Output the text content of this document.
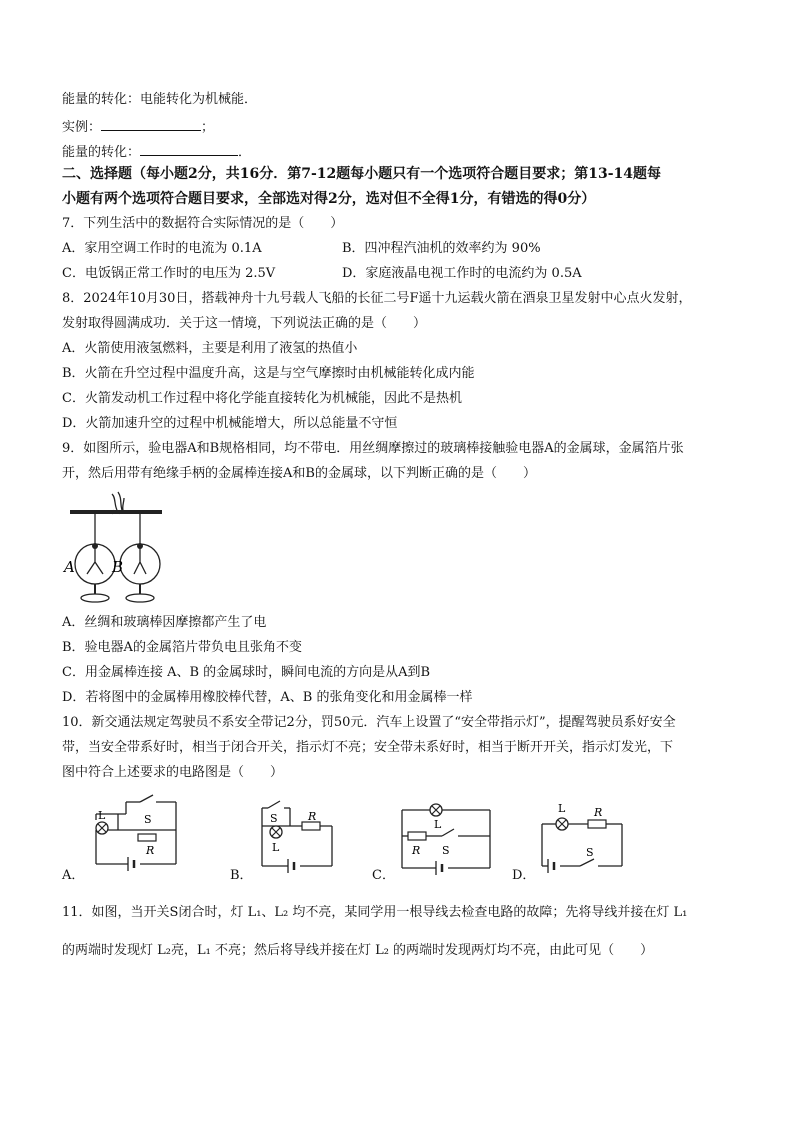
能量的转化：电能转化为机械能．
实例：	；
能量的转化：	．
二、选择题（每小题2分，共16分．第7-12题每小题只有一个选项符合题目要求；第13-14题每
小题有两个选项符合题目要求，全部选对得2分，选对但不全得1分，有错选的得0分）
7．下列生活中的数据符合实际情况的是（　　）
A．家用空调工作时的电流为 0.1A	B．四冲程汽油机的效率约为 90%
C．电饭锅正常工作时的电压为 2.5V	D．家庭液晶电视工作时的电流约为 0.5A
8．2024年10月30日，搭载神舟十九号载人飞船的长征二号F遥十九运载火箭在酒泉卫星发射中心点火发射，
发射取得圆满成功．关于这一情境，下列说法正确的是（　　）
A．火箭使用液氢燃料，主要是利用了液氢的热值小
B．火箭在升空过程中温度升高，这是与空气摩擦时由机械能转化成内能
C．火箭发动机工作过程中将化学能直接转化为机械能，因此不是热机
D．火箭加速升空的过程中机械能增大，所以总能量不守恒
9．如图所示，验电器A和B规格相同，均不带电．用丝绸摩擦过的玻璃棒接触验电器A的金属球，金属箔片张
开，然后用带有绝缘手柄的金属棒连接A和B的金属球，以下判断正确的是（　　）
A B
A．丝绸和玻璃棒因摩擦都产生了电
B．验电器A的金属箔片带负电且张角不变
C．用金属棒连接 A、B 的金属球时，瞬间电流的方向是从A到B
D．若将图中的金属棒用橡胶棒代替，A、B 的张角变化和用金属棒一样
10．新交通法规定驾驶员不系安全带记2分，罚50元．汽车上设置了“安全带指示灯”，提醒驾驶员系好安全
带，当安全带系好时，相当于闭合开关，指示灯不亮；安全带未系好时，相当于断开开关，指示灯发光，下
图中符合上述要求的电路图是（　　）
S
L
R
A．
S
L
R
B．
L
R S
C．
L	R
S
D．
11．如图，当开关S闭合时，灯 L₁、L₂ 均不亮，某同学用一根导线去检查电路的故障；先将导线并接在灯 L₁
的两端时发现灯 L₂亮，L₁ 不亮；然后将导线并接在灯 L₂ 的两端时发现两灯均不亮，由此可见（　　）
